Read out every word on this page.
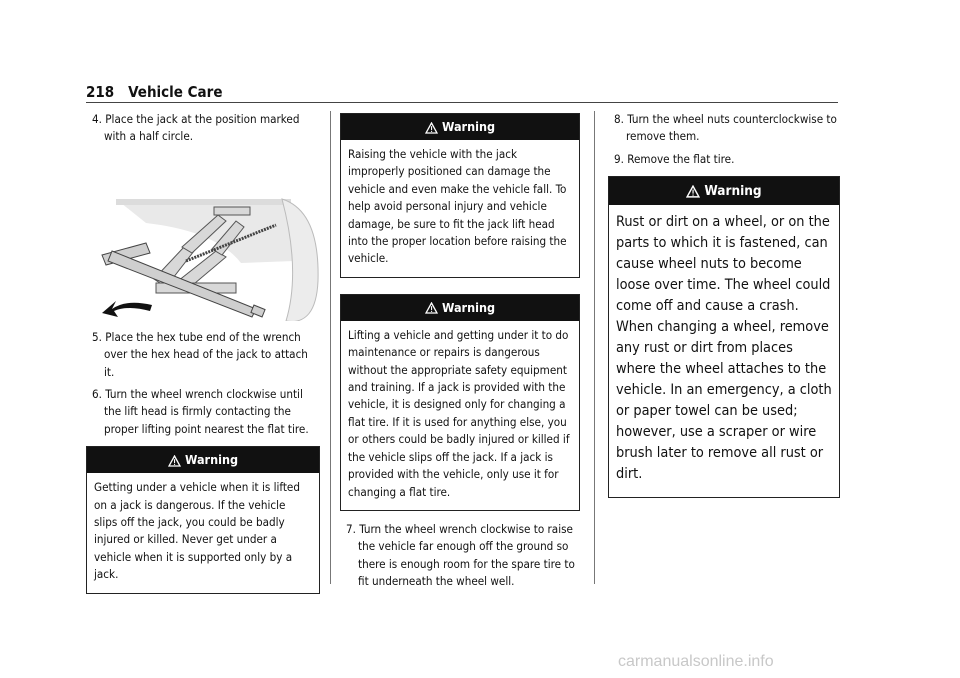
218 Vehicle Care

4. Place the jack at the position marked with a half circle.

5. Place the hex tube end of the wrench over the hex head of the jack to attach it.

6. Turn the wheel wrench clockwise until the lift head is firmly contacting the proper lifting point nearest the flat tire.

Warning
Getting under a vehicle when it is lifted on a jack is dangerous. If the vehicle slips off the jack, you could be badly injured or killed. Never get under a vehicle when it is supported only by a jack.
Warning
Raising the vehicle with the jack improperly positioned can damage the vehicle and even make the vehicle fall. To help avoid personal injury and vehicle damage, be sure to fit the jack lift head into the proper location before raising the vehicle.
Warning
Lifting a vehicle and getting under it to do maintenance or repairs is dangerous without the appropriate safety equipment and training. If a jack is provided with the vehicle, it is designed only for changing a flat tire. If it is used for anything else, you or others could be badly injured or killed if the vehicle slips off the jack. If a jack is provided with the vehicle, only use it for changing a flat tire.

7. Turn the wheel wrench clockwise to raise the vehicle far enough off the ground so there is enough room for the spare tire to fit underneath the wheel well.

8. Turn the wheel nuts counterclockwise to remove them.

9. Remove the flat tire.

Warning
Rust or dirt on a wheel, or on the parts to which it is fastened, can cause wheel nuts to become loose over time. The wheel could come off and cause a crash. When changing a wheel, remove any rust or dirt from places where the wheel attaches to the vehicle. In an emergency, a cloth or paper towel can be used; however, use a scraper or wire brush later to remove all rust or dirt.
carmanualsonline.info
